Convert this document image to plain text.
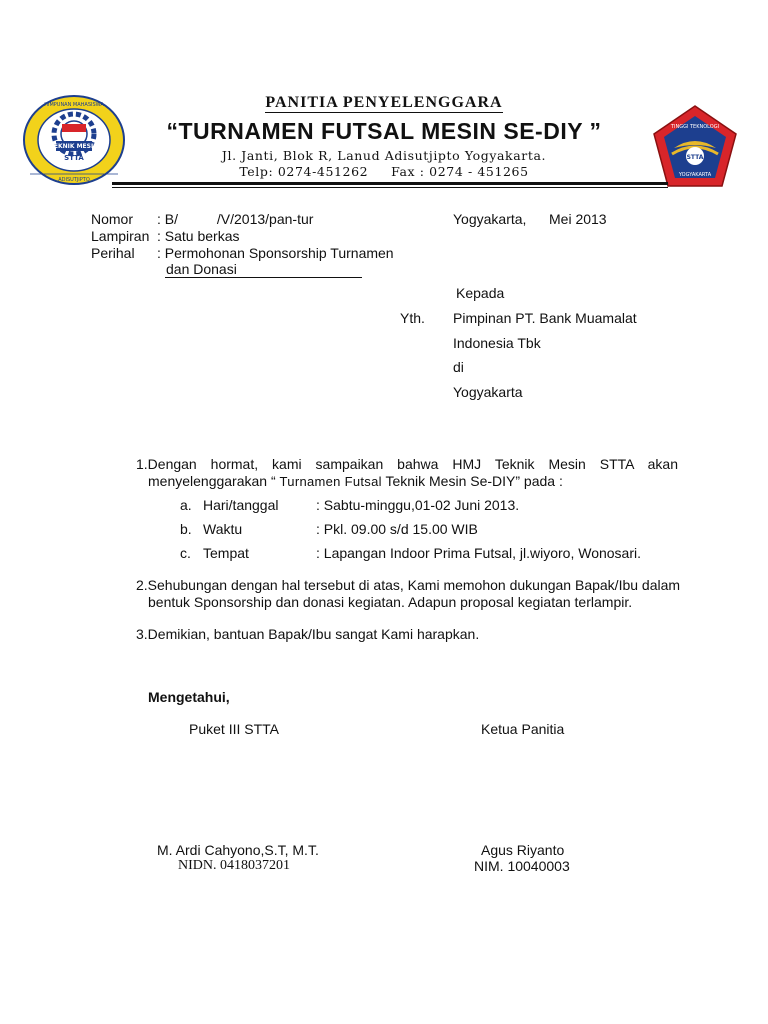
HIMPUNAN MAHASISWA
ADISUTJIPTO
TEKNIK MESIN
STTA
TINGGI TEKNOLOGI
STTA
YOGYAKARTA
PANITIA PENYELENGGARA
“TURNAMEN FUTSAL MESIN SE-DIY ”
Jl. Janti, Blok R, Lanud Adisutjipto Yogyakarta.
Telp: 0274-451262     Fax : 0274 - 451265
Nomor : B/          /V/2013/pan-tur
Lampiran : Satu berkas
Perihal : Permohonan Sponsorship Turnamen
dan Donasi
Yogyakarta, Mei 2013
Kepada
Yth. Pimpinan PT. Bank Muamalat
Indonesia Tbk
di
Yogyakarta
1.Dengan hormat, kami sampaikan bahwa HMJ Teknik Mesin STTA akan
menyelenggarakan “ Turnamen Futsal Teknik Mesin Se-DIY” pada :
a. Hari/tanggal	: Sabtu-minggu,01-02 Juni 2013.
b. Waktu	: Pkl. 09.00 s/d 15.00 WIB
c. Tempat	: Lapangan Indoor Prima Futsal, jl.wiyoro, Wonosari.
2.Sehubungan dengan hal tersebut di atas, Kami memohon dukungan Bapak/Ibu dalam
bentuk Sponsorship dan donasi kegiatan. Adapun proposal kegiatan terlampir.
3.Demikian, bantuan Bapak/Ibu sangat Kami harapkan.
Mengetahui,
Puket III STTA	Ketua Panitia
M. Ardi Cahyono,S.T, M.T.
NIDN. 0418037201
Agus Riyanto
NIM. 10040003
